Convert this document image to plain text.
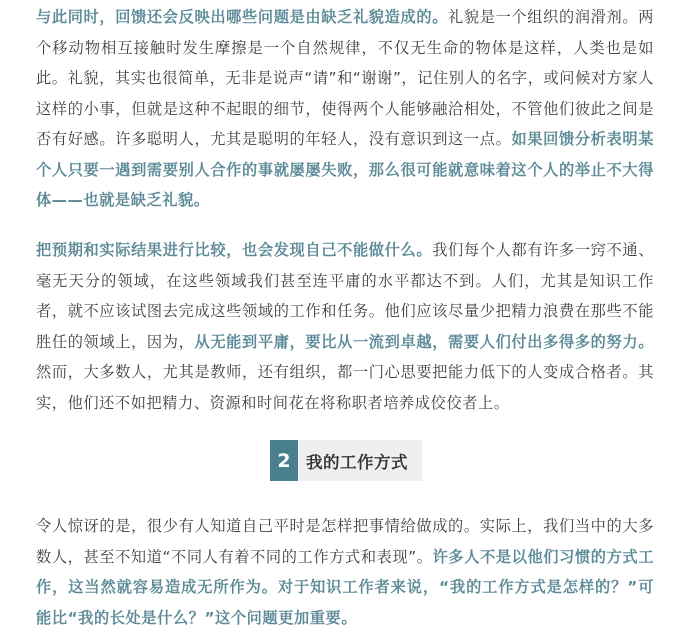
与此同时，回馈还会反映出哪些问题是由缺乏礼貌造成的。礼貌是一个组织的润滑剂。两个移动物相互接触时发生摩擦是一个自然规律，不仅无生命的物体是这样，人类也是如此。礼貌，其实也很简单，无非是说声“请”和“谢谢”，记住别人的名字，或问候对方家人这样的小事，但就是这种不起眼的细节，使得两个人能够融洽相处，不管他们彼此之间是否有好感。许多聪明人，尤其是聪明的年轻人，没有意识到这一点。如果回馈分析表明某个人只要一遇到需要别人合作的事就屡屡失败，那么很可能就意味着这个人的举止不大得体——也就是缺乏礼貌。

把预期和实际结果进行比较，也会发现自己不能做什么。我们每个人都有许多一窍不通、毫无天分的领域，在这些领域我们甚至连平庸的水平都达不到。人们，尤其是知识工作者，就不应该试图去完成这些领域的工作和任务。他们应该尽量少把精力浪费在那些不能胜任的领域上，因为，从无能到平庸，要比从一流到卓越，需要人们付出多得多的努力。然而，大多数人，尤其是教师，还有组织，都一门心思要把能力低下的人变成合格者。其实，他们还不如把精力、资源和时间花在将称职者培养成佼佼者上。

2 我的工作方式

令人惊讶的是，很少有人知道自己平时是怎样把事情给做成的。实际上，我们当中的大多数人，甚至不知道“不同人有着不同的工作方式和表现”。许多人不是以他们习惯的方式工作，这当然就容易造成无所作为。对于知识工作者来说，“我的工作方式是怎样的？”可能比“我的长处是什么？”这个问题更加重要。
